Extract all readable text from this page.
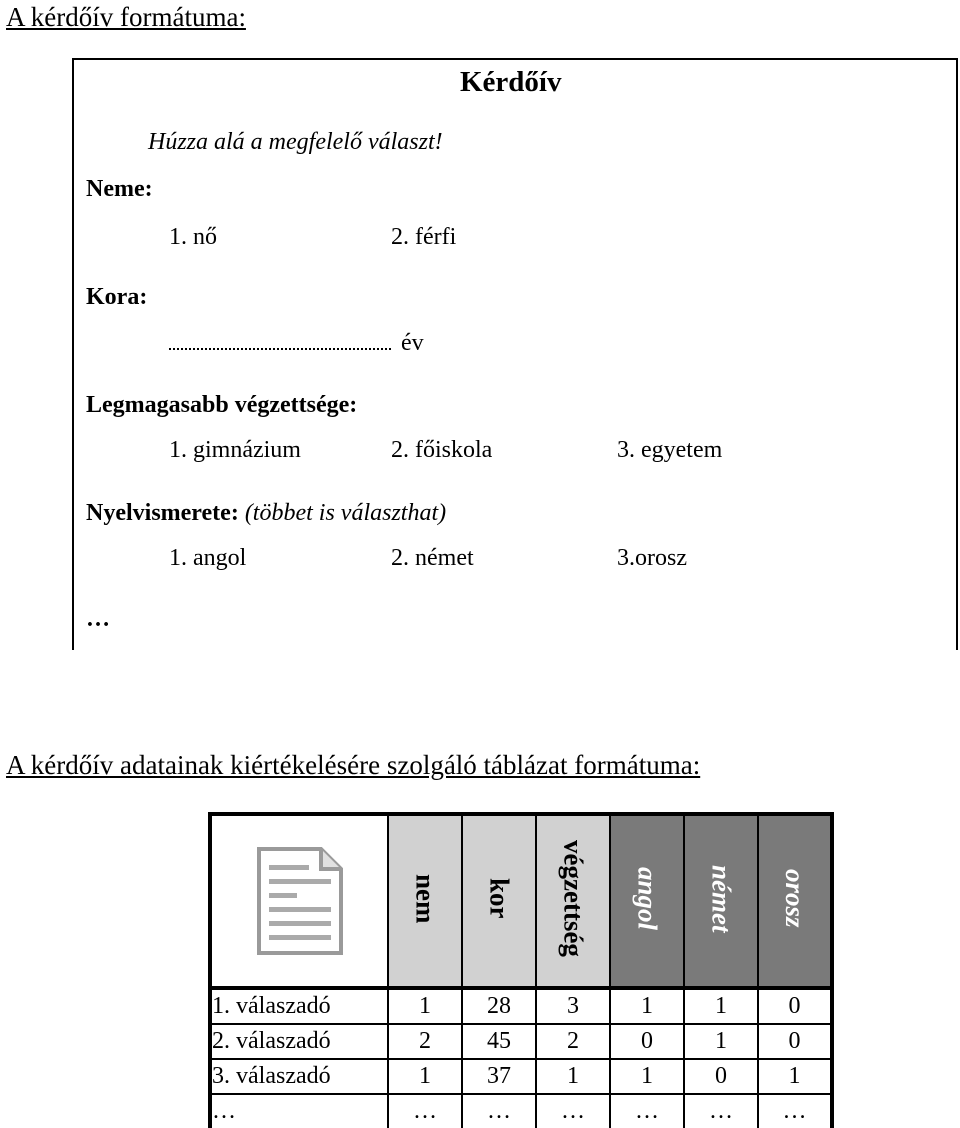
A kérdőív formátuma:
Kérdőív
Húzza alá a megfelelő választ!
Neme:
1. nő	2. férfi
Kora:
év
Legmagasabb végzettsége:
1. gimnázium	2. főiskola	3. egyetem
Nyelvismerete: (többet is választhat)
1. angol	2. német	3.orosz
…
A kérdőív adatainak kiértékelésére szolgáló táblázat formátuma:
	nem	kor	végzettség	angol	német	orosz
1. válaszadó	1	28	3	1	1	0
2. válaszadó	2	45	2	0	1	0
3. válaszadó	1	37	1	1	0	1
…	…	…	…	…	…	…
